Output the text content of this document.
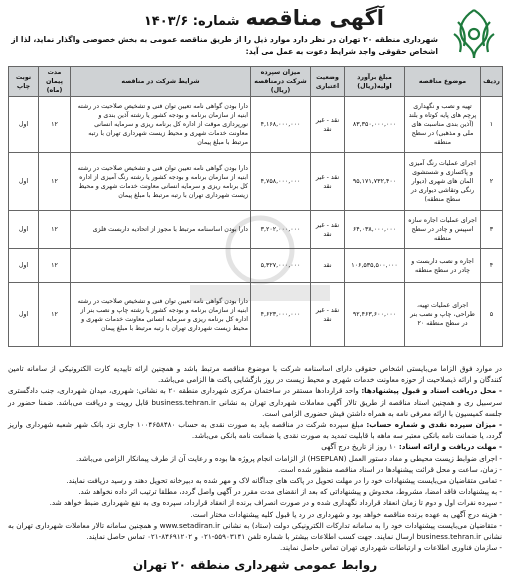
آگهی مناقصه
شماره: ۱۴۰۳/۶
شهرداری منطقه ۲۰ تهران در نظر دارد موارد ذیل را از طریق مناقصه عمومی به بخش خصوصی واگذار نماید، لذا از اشخاص حقوقی واجد شرایط دعوت به عمل می آید:
ردیف	موضوع مناقصه	مبلغ برآورد اولیه(ریال)	وضعیت اعتباری	میزان سپرده شرکت درمناقصه (ریال)	شرایط شرکت در مناقصه	مدت پیمان (ماه)	نوبت چاپ
۱	تهیه و نصب و نگهداری پرچم های پایه کوتاه و بلند (آذین بندی مناسبت های ملی و مذهبی) در سطح منطقه	۸۳,۳۵۰,۰۰۰,۰۰۰	نقد - غیر نقد	۴,۱۶۸,۰۰۰,۰۰۰	دارا بودن گواهی نامه تعیین توان فنی و تشخیص صلاحیت در رشته ابنیه از سازمان برنامه و بودجه کشور یا رشته آذین بندی و نورپردازی موقت از اداره کل برنامه ریزی و سرمایه انسانی معاونت خدمات شهری و محیط زیست شهرداری تهران با رتبه مرتبط با مبلغ پیمان	۱۲	اول
۲	اجرای عملیات رنگ آمیزی و پاکسازی و شستشوی المان های شهری (دیوار رنگی وتقاشی دیواری در سطح منطقه)	۹۵,۱۷۱,۷۳۲,۴۰۰	نقد - غیر نقد	۴,۷۵۸,۰۰۰,۰۰۰	دارا بودن گواهی نامه تعیین توان فنی و تشخیص صلاحیت در رشته ابنیه از سازمان برنامه و بودجه کشور یا رشته رنگ آمیزی از اداره کل برنامه ریزی و سرمایه انسانی معاونت خدمات شهری و محیط زیست شهرداری تهران با رتبه مرتبط با مبلغ پیمان	۱۲	اول
۳	اجرای عملیات اجاره سازه اسپیس و چادر در سطح منطقه	۶۴,۰۳۸,۰۰۰,۰۰۰	نقد - غیر نقد	۳,۲۰۲,۰۰۰,۰۰۰	دارا بودن اساسنامه مرتبط با مجوز از اتحادیه داربست فلزی	۱۲	اول
۴	اجاره و نصب داربست و چادر در سطح منطقه	۱۰۶,۵۳۵,۵۰۰,۰۰۰	نقد	۵,۳۲۷,۰۰۰,۰۰۰		۱۲	اول
۵	اجرای عملیات تهیه، طراحی، چاپ و نصب بنر در سطح منطقه ۲۰	۹۲,۴۶۳,۶۰۰,۰۰۰	نقد - غیر نقد	۴,۶۲۳,۰۰۰,۰۰۰	دارا بودن گواهی نامه تعیین توان فنی و تشخیص صلاحیت در رشته ابنیه از سازمان برنامه و بودجه کشور یا رشته چاپ و نصب بنر از اداره کل برنامه ریزی و سرمایه انسانی معاونت خدمات شهری و محیط زیست شهرداری تهران با رتبه مرتبط با مبلغ پیمان	۱۲	اول

در موارد فوق الزاما می‌بایستی اشخاص حقوقی دارای اساسنامه شرکت با موضوع مناقصه مرتبط باشد و همچنین ارائه تاییدیه کارت الکترونیکی از سامانه تامین کنندگان و ارائه ذیصلاحیت از حوزه معاونت خدمات شهری و محیط زیست در روز بازگشایی پاکت ها الزامی می‌باشد.

- محل دریافت اسناد و قبول پیشنهادها: واحد قراردادها مستقر در ساختمان مرکزی شهرداری منطقه ۲۰ به نشانی: شهرری، میدان شهرداری، جنب دادگستری سرسبیل ری و همچنین اسناد مناقصه از طریق تالار آگهی معاملات شهرداری تهران به نشانی business.tehran.ir قابل رویت و دریافت می‌باشد. ضمنا حضور در جلسه کمیسیون با ارائه معرفی نامه به همراه داشتن فیش حضوری الزامی است.

- میزان سپرده نقدی و شماره حساب: مبلغ سپرده شرکت در مناقصه باید به صورت نقدی به حساب ۱۰۰۴۶۵۸۴۸۰ جاری نزد بانک شهر شعبه شهرداری واریز گردد، یا ضمانت نامه بانکی معتبر سه ماهه با قابلیت تمدید به صورت نقدی یا ضمانت نامه بانکی می‌باشد.

- مهلت دریافت و ارائه اسناد: ۱۰ روز از تاریخ درج آگهی

- اجرای ضوابط زیست محیطی و مفاد دستور العمل (HSEPLAN) از الزامات انجام پروژه ها بوده و رعایت آن از طرف پیمانکار الزامی می‌باشد.

- زمان، ساعت و محل قرائت پیشنهادها در اسناد مناقصه منظور شده است.

- تمامی متقاضیان می‌بایست پیشنهادات خود را در مهلت تحویل در پاکت های جداگانه لاک و مهر شده به دبیرخانه تحویل دهند و رسید دریافت نمایند.

- به پیشنهادات فاقد امضا، مشروط، مخدوش و پیشنهاداتی که بعد از انقضای مدت مقرر در آگهی واصل گردد، مطلقا ترتیب اثر داده نخواهد شد.

- سپرده نفرات اول و دوم تا زمان انعقاد قرارداد نگهداری شده و در صورت انصراف برنده از انعقاد قرارداد، سپرده وی به نفع شهرداری ضبط خواهد شد.

- هزینه درج آگهی به عهده برنده مناقصه خواهد بود و شهرداری در رد یا قبول کلیه پیشنهادات مختار است.

- متقاضیان می‌بایست پیشنهادات خود را به سامانه تدارکات الکترونیکی دولت (ستاد) به نشانی www.setadiran.ir و همچنین سامانه تالار معاملات شهرداری تهران به نشانی business.tehran.ir ارسال نمایند. جهت کسب اطلاعات بیشتر با شماره تلفن ۵۵۹۰۳۱۴۱-۰۲۱ و ۸۴۶۹۱۲۰۲-۰۲۱ تماس حاصل نمایند.

- سازمان فناوری اطلاعات و ارتباطات شهرداری تهران تماس حاصل نمایند.

روابط عمومی شهرداری منطقه ۲۰ تهران
